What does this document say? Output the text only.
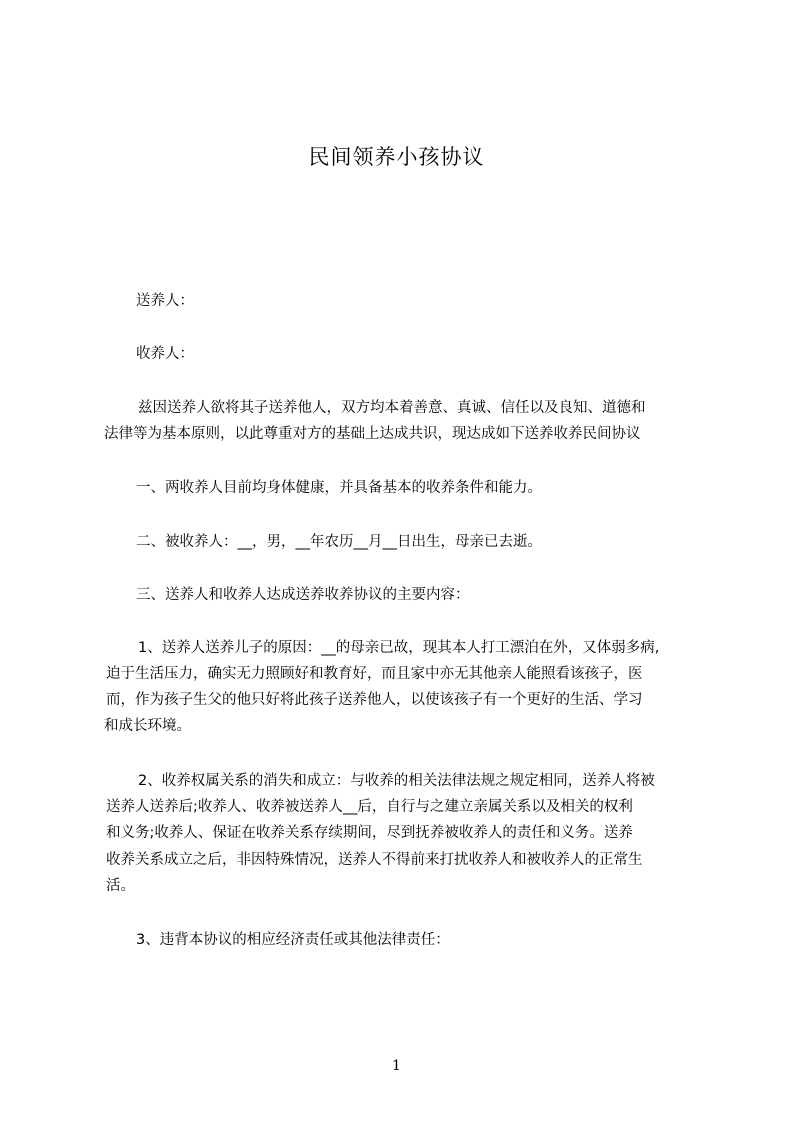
民间领养小孩协议
送养人：
收养人：
兹因送养人欲将其子送养他人，双方均本着善意、真诚、信任以及良知、道德和
法律等为基本原则，以此尊重对方的基础上达成共识，现达成如下送养收养民间协议
一、两收养人目前均身体健康，并具备基本的收养条件和能力。
二、被收养人：__，男，__年农历__月__日出生，母亲已去逝。
三、送养人和收养人达成送养收养协议的主要内容：
1、送养人送养儿子的原因：__的母亲已故，现其本人打工漂泊在外，又体弱多病,
迫于生活压力，确实无力照顾好和教育好，而且家中亦无其他亲人能照看该孩子，医
而，作为孩子生父的他只好将此孩子送养他人，以使该孩子有一个更好的生活、学习
和成长环境。
2、收养权属关系的消失和成立：与收养的相关法律法规之规定相同，送养人将被
送养人送养后;收养人、收养被送养人__后，自行与之建立亲属关系以及相关的权利
和义务;收养人、保证在收养关系存续期间，尽到抚养被收养人的责任和义务。送养
收养关系成立之后，非因特殊情况，送养人不得前来打扰收养人和被收养人的正常生
活。
3、违背本协议的相应经济责任或其他法律责任：
1
